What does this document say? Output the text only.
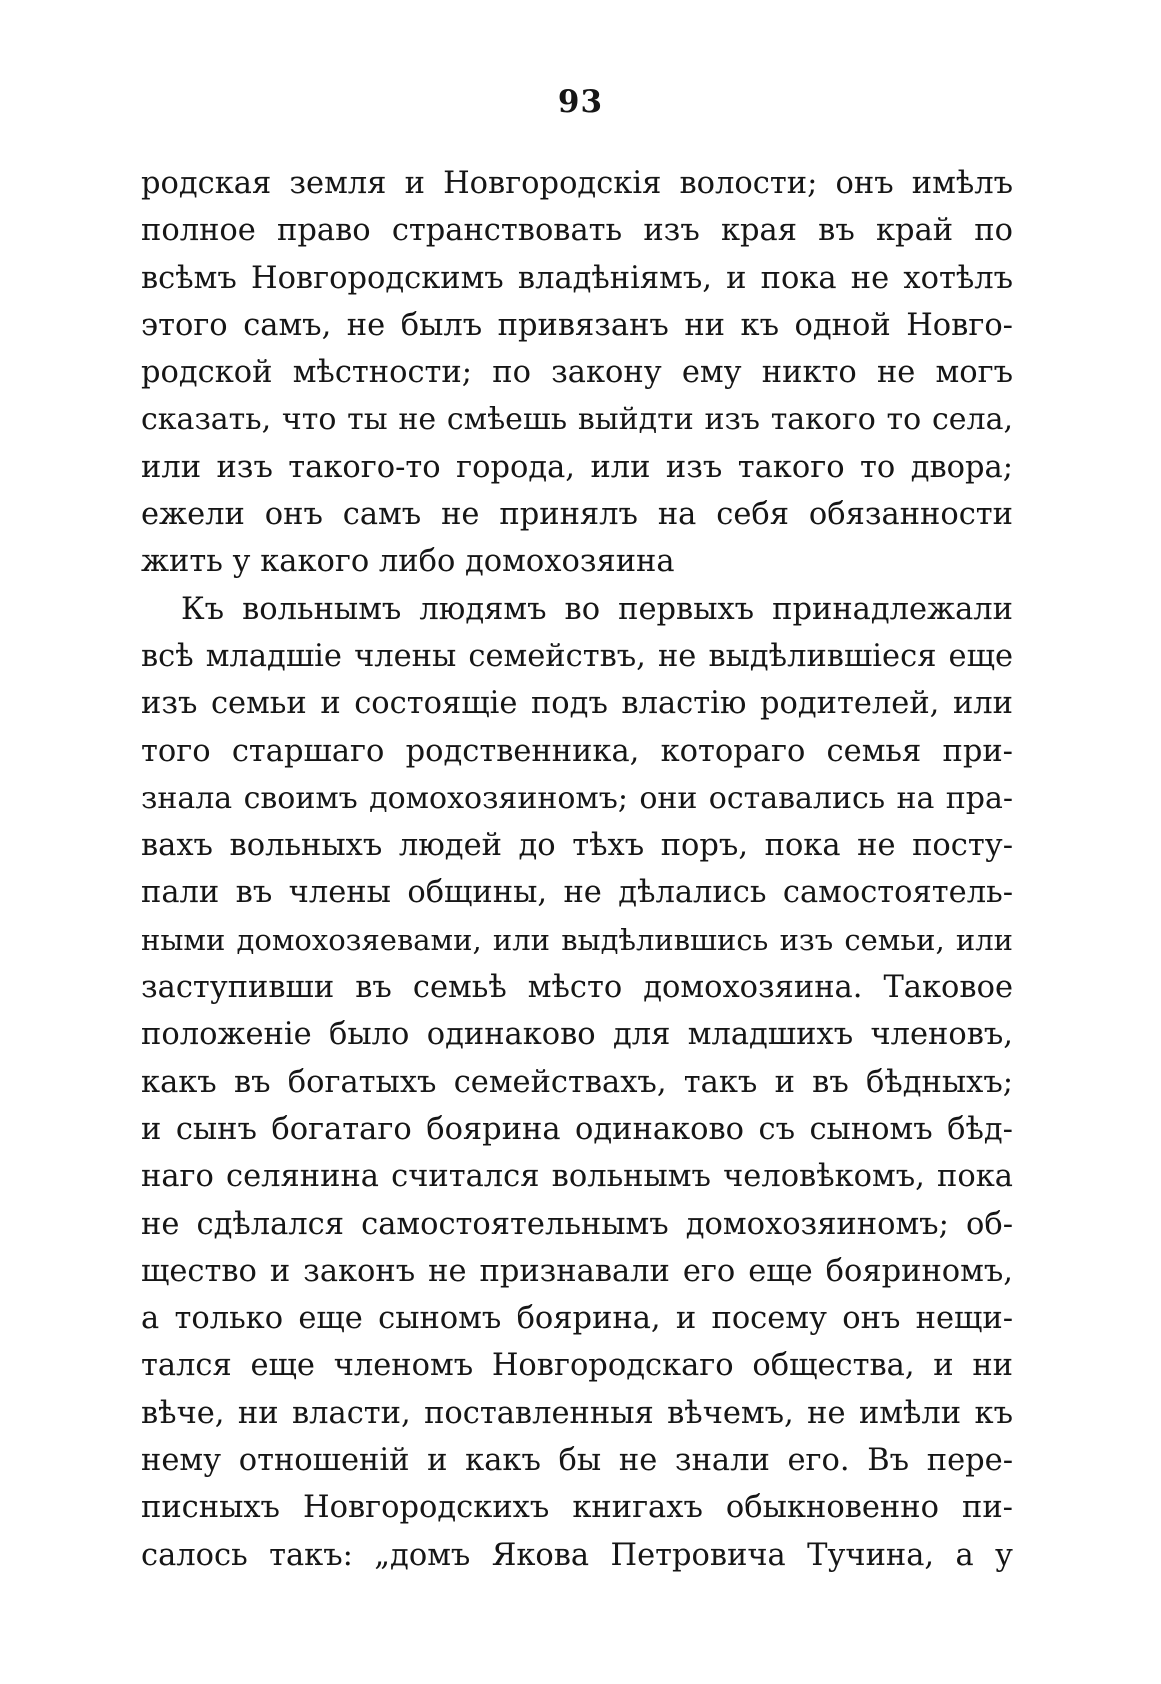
93
родская земля и Новгородскія волости; онъ имѣлъ
полное право странствовать изъ края въ край по
всѣмъ Новгородскимъ владѣніямъ, и пока не хотѣлъ
этого самъ, не былъ привязанъ ни къ одной Новго-
родской мѣстности; по закону ему никто не могъ
сказать, что ты не смѣешь выйдти изъ такого то села,
или изъ такого-то города, или изъ такого то двора;
ежели онъ самъ не принялъ на себя обязанности
жить у какого либо домохозяина
Къ вольнымъ людямъ во первыхъ принадлежали
всѣ младшіе члены семействъ, не выдѣлившіеся еще
изъ семьи и состоящіе подъ властію родителей, или
того старшаго родственника, котораго семья при-
знала своимъ домохозяиномъ; они оставались на пра-
вахъ вольныхъ людей до тѣхъ поръ, пока не посту-
пали въ члены общины, не дѣлались самостоятель-
ными домохозяевами, или выдѣлившись изъ семьи, или
заступивши въ семьѣ мѣсто домохозяина. Таковое
положеніе было одинаково для младшихъ членовъ,
какъ въ богатыхъ семействахъ, такъ и въ бѣдныхъ;
и сынъ богатаго боярина одинаково съ сыномъ бѣд-
наго селянина считался вольнымъ человѣкомъ, пока
не сдѣлался самостоятельнымъ домохозяиномъ; об-
щество и законъ не признавали его еще бояриномъ,
а только еще сыномъ боярина, и посему онъ нeщи-
тался еще членомъ Новгородскаго общества, и ни
вѣче, ни власти, поставленныя вѣчемъ, не имѣли къ
нему отношеній и какъ бы не знали его. Въ пере-
писныхъ Новгородскихъ книгахъ обыкновенно пи-
салось такъ: „домъ Якова Петровича Тучина, а у
